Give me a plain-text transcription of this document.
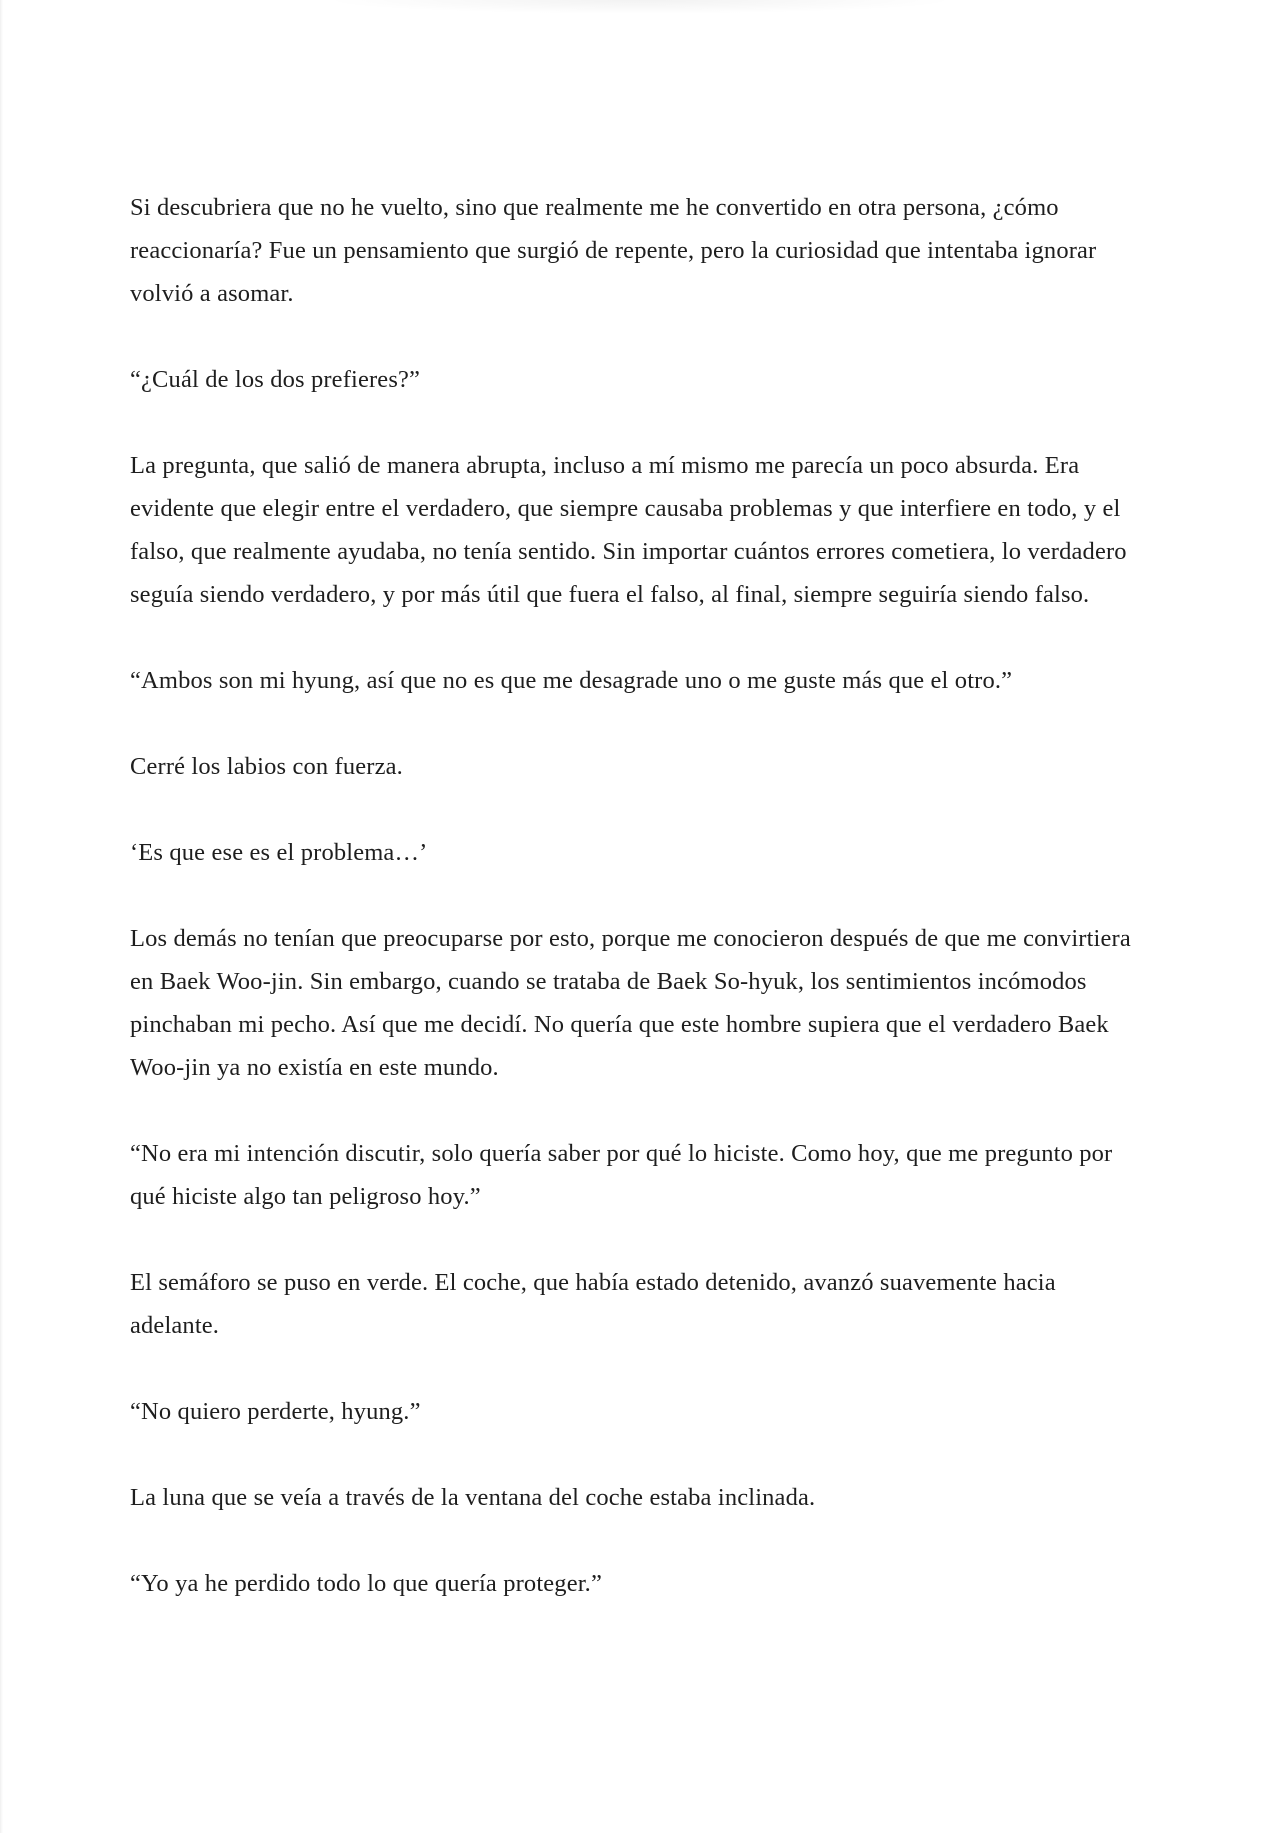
Si descubriera que no he vuelto, sino que realmente me he convertido en otra persona, ¿cómo reaccionaría? Fue un pensamiento que surgió de repente, pero la curiosidad que intentaba ignorar volvió a asomar.

“¿Cuál de los dos prefieres?”

La pregunta, que salió de manera abrupta, incluso a mí mismo me parecía un poco absurda. Era evidente que elegir entre el verdadero, que siempre causaba problemas y que interfiere en todo, y el falso, que realmente ayudaba, no tenía sentido. Sin importar cuántos errores cometiera, lo verdadero seguía siendo verdadero, y por más útil que fuera el falso, al final, siempre seguiría siendo falso.

“Ambos son mi hyung, así que no es que me desagrade uno o me guste más que el otro.”

Cerré los labios con fuerza.

‘Es que ese es el problema…’

Los demás no tenían que preocuparse por esto, porque me conocieron después de que me convirtiera en Baek Woo-jin. Sin embargo, cuando se trataba de Baek So-hyuk, los sentimientos incómodos pinchaban mi pecho. Así que me decidí. No quería que este hombre supiera que el verdadero Baek Woo-jin ya no existía en este mundo.

“No era mi intención discutir, solo quería saber por qué lo hiciste. Como hoy, que me pregunto por qué hiciste algo tan peligroso hoy.”

El semáforo se puso en verde. El coche, que había estado detenido, avanzó suavemente hacia adelante.

“No quiero perderte, hyung.”

La luna que se veía a través de la ventana del coche estaba inclinada.

“Yo ya he perdido todo lo que quería proteger.”
